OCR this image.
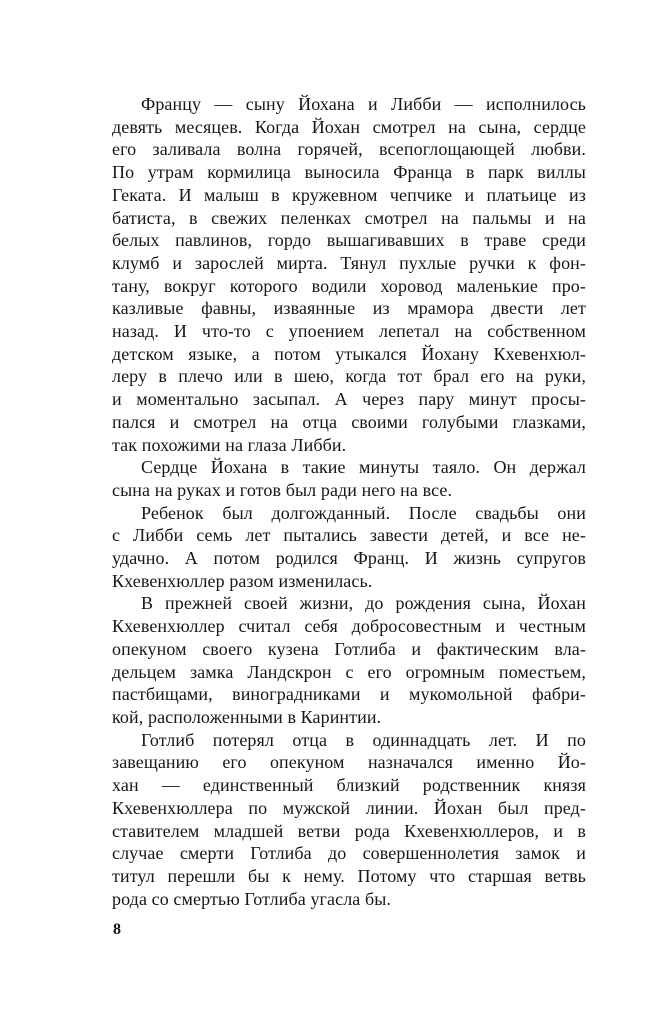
Францу — сыну Йохана и Либби — исполнилось
девять месяцев. Когда Йохан смотрел на сына, сердце
его заливала волна горячей, всепоглощающей любви.
По утрам кормилица выносила Франца в парк виллы
Геката. И малыш в кружевном чепчике и платьице из
батиста, в свежих пеленках смотрел на пальмы и на
белых павлинов, гордо вышагивавших в траве среди
клумб и зарослей мирта. Тянул пухлые ручки к фон-
тану, вокруг которого водили хоровод маленькие про-
казливые фавны, изваянные из мрамора двести лет
назад. И что-то с упоением лепетал на собственном
детском языке, а потом утыкался Йохану Кхевенхюл-
леру в плечо или в шею, когда тот брал его на руки,
и моментально засыпал. А через пару минут просы-
пался и смотрел на отца своими голубыми глазками,
так похожими на глаза Либби.
Сердце Йохана в такие минуты таяло. Он держал
сына на руках и готов был ради него на все.
Ребенок был долгожданный. После свадьбы они
с Либби семь лет пытались завести детей, и все не-
удачно. А потом родился Франц. И жизнь супругов
Кхевенхюллер разом изменилась.
В прежней своей жизни, до рождения сына, Йохан
Кхевенхюллер считал себя добросовестным и честным
опекуном своего кузена Готлиба и фактическим вла-
дельцем замка Ландскрон с его огромным поместьем,
пастбищами, виноградниками и мукомольной фабри-
кой, расположенными в Каринтии.
Готлиб потерял отца в одиннадцать лет. И по
завещанию его опекуном назначался именно Йо-
хан — единственный близкий родственник князя
Кхевенхюллера по мужской линии. Йохан был пред-
ставителем младшей ветви рода Кхевенхюллеров, и в
случае смерти Готлиба до совершеннолетия замок и
титул перешли бы к нему. Потому что старшая ветвь
рода со смертью Готлиба угасла бы.
8
